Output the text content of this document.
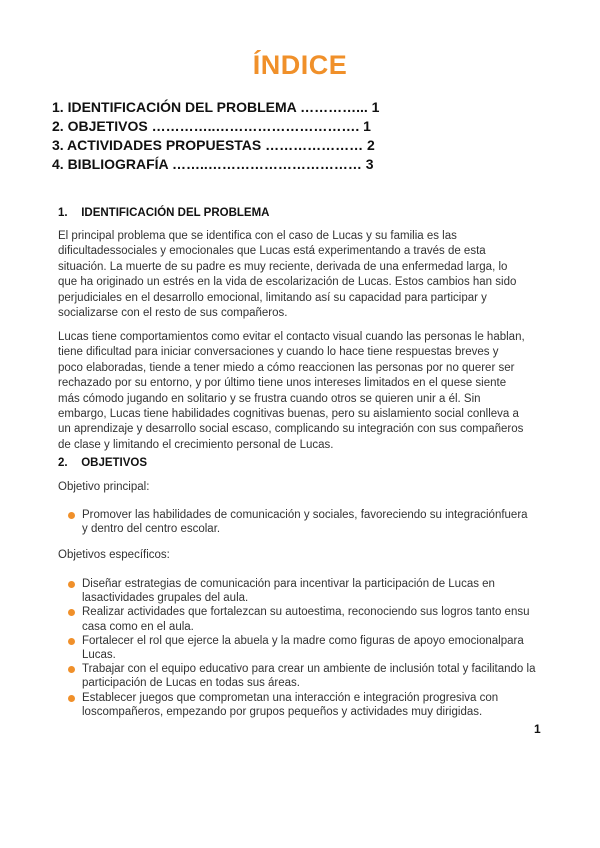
ÍNDICE
1. IDENTIFICACIÓN DEL PROBLEMA …………... 1
2. OBJETIVOS …………..…………………………. 1
3. ACTIVIDADES PROPUESTAS ………………… 2
4. BIBLIOGRAFÍA ……..…………………………… 3
1. IDENTIFICACIÓN DEL PROBLEMA

El principal problema que se identifica con el caso de Lucas y su familia es las dificultadessociales y emocionales que Lucas está experimentando a través de esta situación. La muerte de su padre es muy reciente, derivada de una enfermedad larga, lo que ha originado un estrés en la vida de escolarización de Lucas. Estos cambios han sido perjudiciales en el desarrollo emocional, limitando así su capacidad para participar y socializarse con el resto de sus compañeros.

Lucas tiene comportamientos como evitar el contacto visual cuando las personas le hablan, tiene dificultad para iniciar conversaciones y cuando lo hace tiene respuestas breves y poco elaboradas, tiende a tener miedo a cómo reaccionen las personas por no querer ser rechazado por su entorno, y por último tiene unos intereses limitados en el quese siente más cómodo jugando en solitario y se frustra cuando otros se quieren unir a él. Sin embargo, Lucas tiene habilidades cognitivas buenas, pero su aislamiento social conlleva a un aprendizaje y desarrollo social escaso, complicando su integración con sus compañeros de clase y limitando el crecimiento personal de Lucas.

2. OBJETIVOS
Objetivo principal:
Promover las habilidades de comunicación y sociales, favoreciendo su integraciónfuera y dentro del centro escolar.
Objetivos específicos:
Diseñar estrategias de comunicación para incentivar la participación de Lucas en lasactividades grupales del aula.
Realizar actividades que fortalezcan su autoestima, reconociendo sus logros tanto ensu casa como en el aula.
Fortalecer el rol que ejerce la abuela y la madre como figuras de apoyo emocionalpara Lucas.
Trabajar con el equipo educativo para crear un ambiente de inclusión total y facilitando la participación de Lucas en todas sus áreas.
Establecer juegos que comprometan una interacción e integración progresiva con loscompañeros, empezando por grupos pequeños y actividades muy dirigidas.
1
